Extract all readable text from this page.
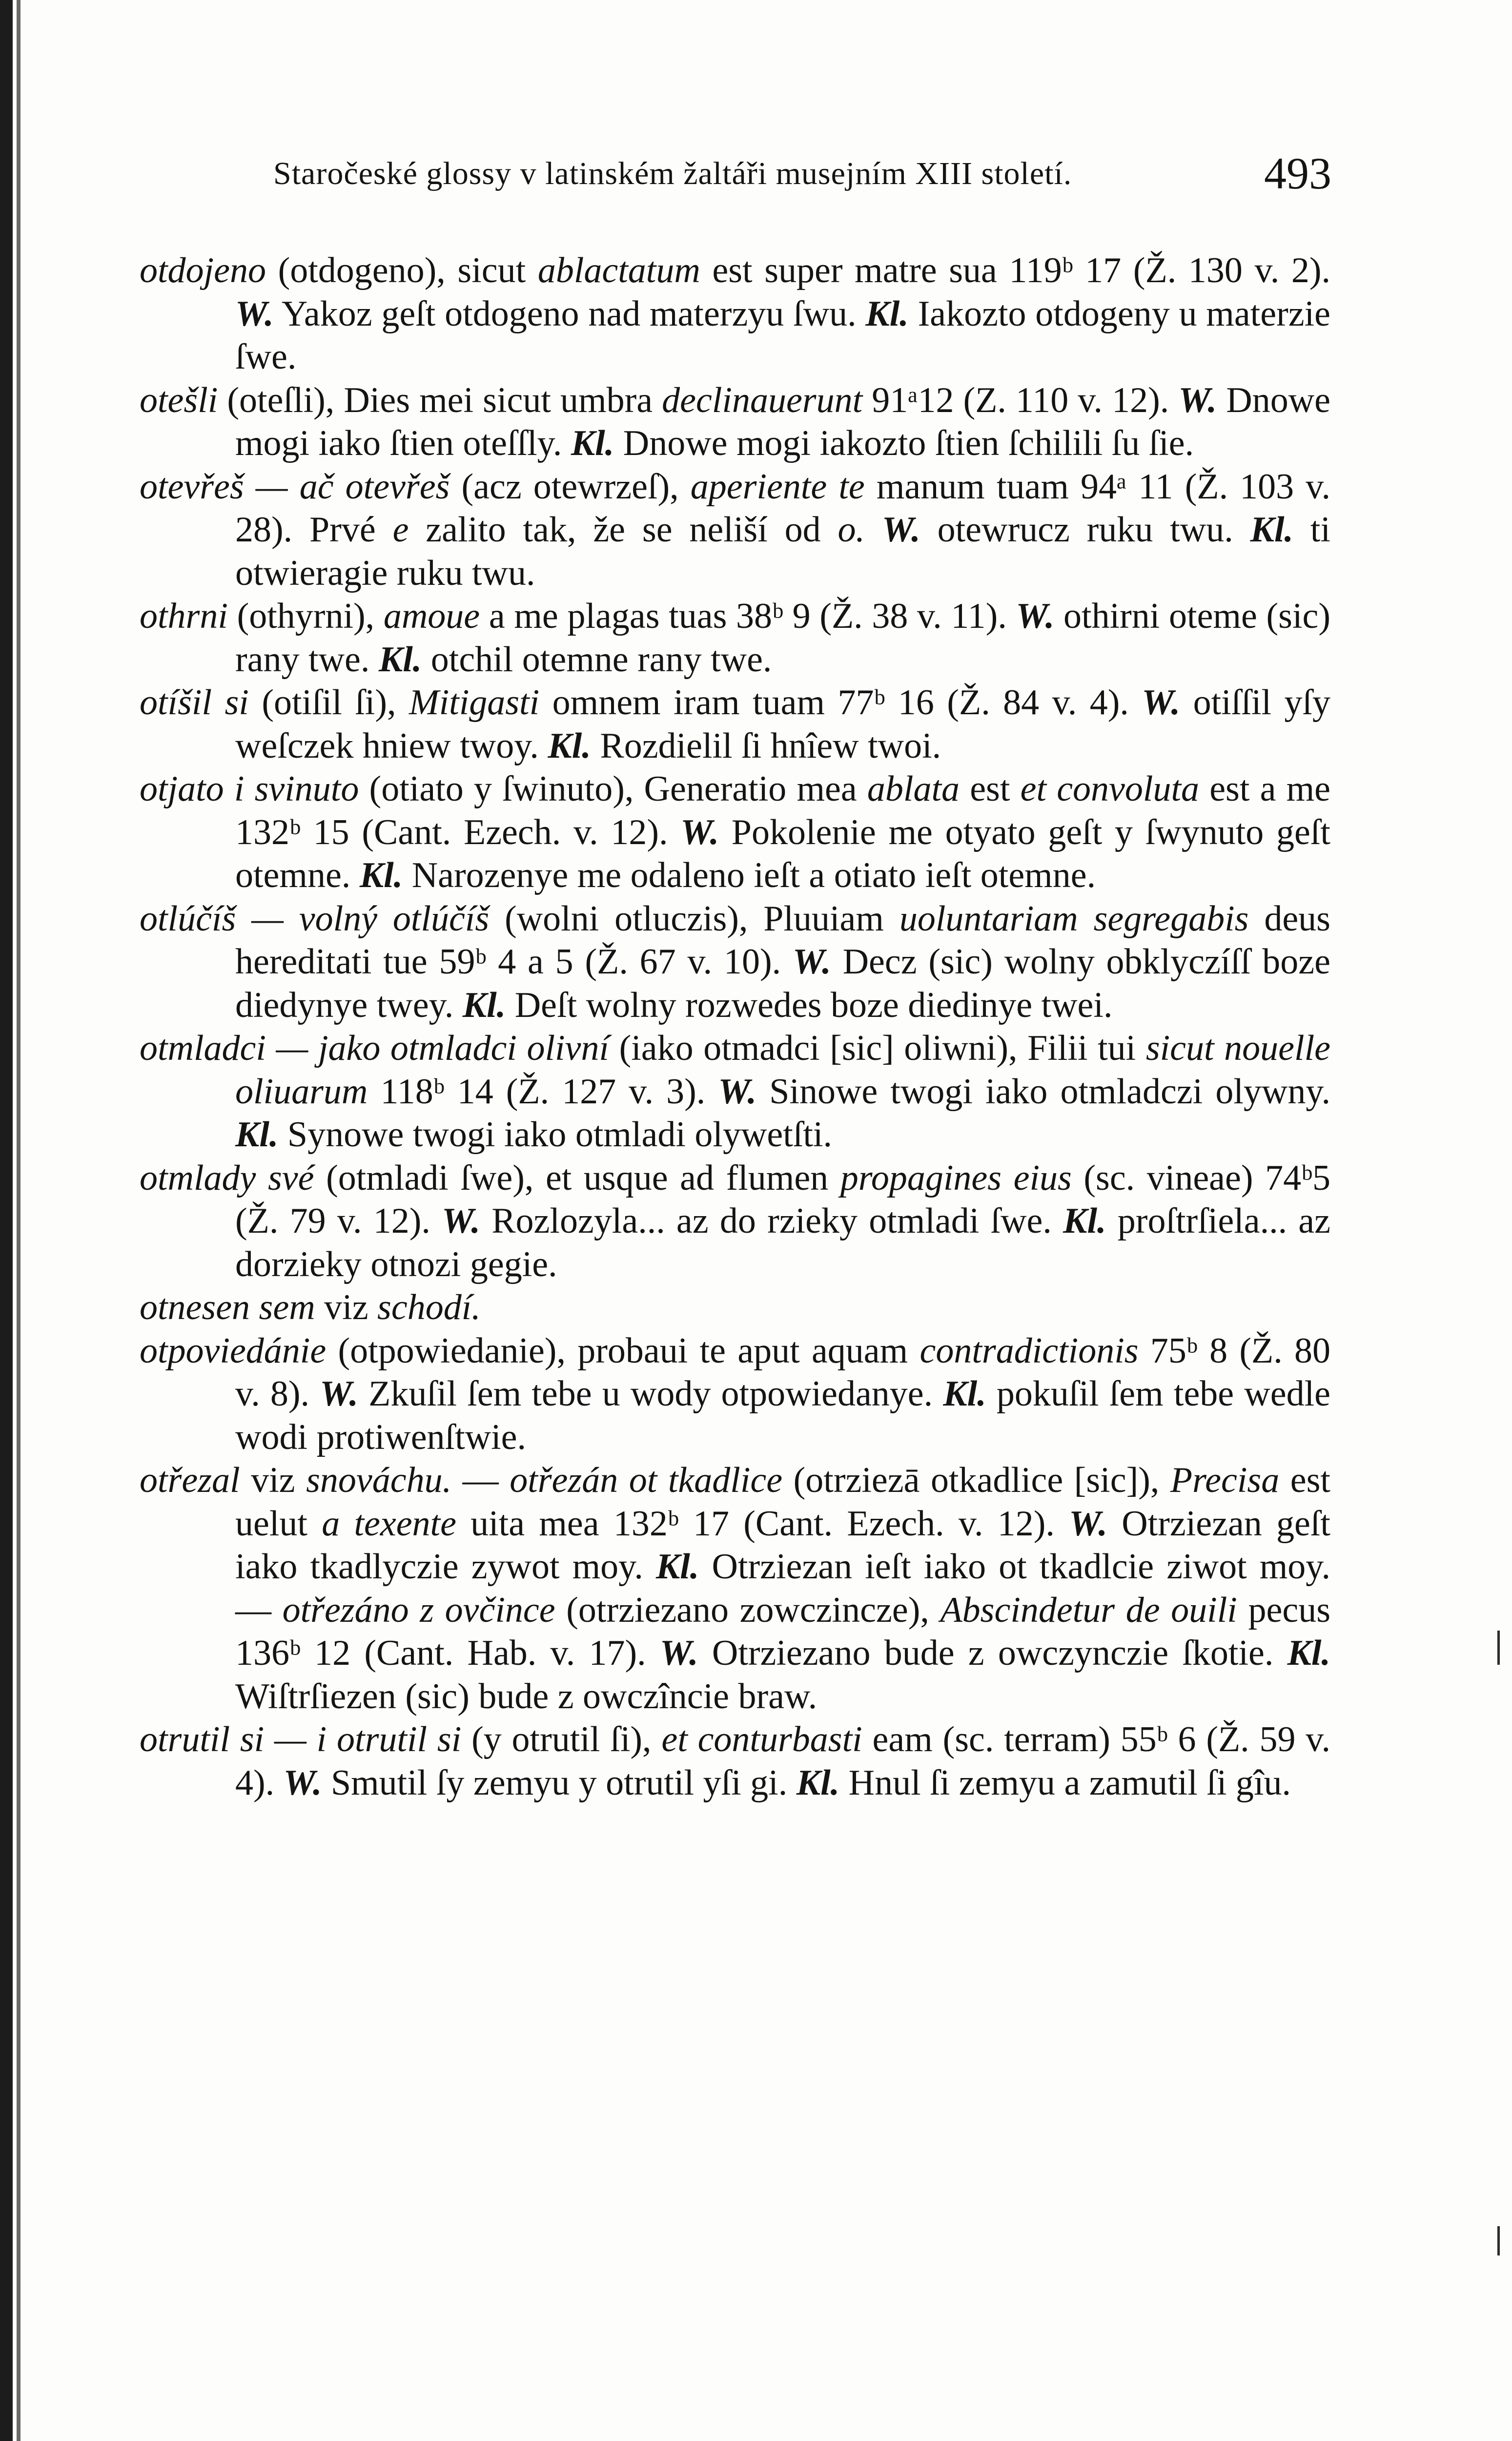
Staročeské glossy v latinském žaltáři musejním XIII století.	493

otdojeno (otdogeno), sicut ablactatum est super matre sua 119ᵇ 17 (Ž. 130 v. 2). W. Yakoz geſt otdogeno nad materzyu ſwu. Kl. Iakozto otdogeny u materzie ſwe.

otešli (oteſli), Dies mei sicut umbra declinauerunt 91ᵃ12 (Z. 110 v. 12). W. Dnowe mogi iako ſtien oteſſly. Kl. Dnowe mogi iakozto ſtien ſchilili ſu ſie.

otevřeš — ač otevřeš (acz otewrzeſ), aperiente te manum tuam 94ᵃ 11 (Ž. 103 v. 28). Prvé e zalito tak, že se neliší od o. W. otewrucz ruku twu. Kl. ti otwieragie ruku twu.

othrni (othyrni), amoue a me plagas tuas 38ᵇ 9 (Ž. 38 v. 11). W. othirni oteme (sic) rany twe. Kl. otchil otemne rany twe.

otíšil si (otiſil ſi), Mitigasti omnem iram tuam 77ᵇ 16 (Ž. 84 v. 4). W. otiſſil yſy weſczek hniew twoy. Kl. Rozdielil ſi hnîew twoi.

otjato i svinuto (otiato y ſwinuto), Generatio mea ablata est et convoluta est a me 132ᵇ 15 (Cant. Ezech. v. 12). W. Pokolenie me otyato geſt y ſwynuto geſt otemne. Kl. Narozenye me odaleno ieſt a otiato ieſt otemne.

otlúčíš — volný otlúčíš (wolni otluczis), Pluuiam uoluntariam segregabis deus hereditati tue 59ᵇ 4 a 5 (Ž. 67 v. 10). W. Decz (sic) wolny obklyczíſſ boze diedynye twey. Kl. Deſt wolny rozwedes boze diedinye twei.

otmladci — jako otmladci olivní (iako otmadci [sic] oliwni), Filii tui sicut nouelle oliuarum 118ᵇ 14 (Ž. 127 v. 3). W. Sinowe twogi iako otmladczi olywny. Kl. Synowe twogi iako otmladi olywetſti.

otmlady své (otmladi ſwe), et usque ad flumen propagines eius (sc. vineae) 74ᵇ5 (Ž. 79 v. 12). W. Rozlozyla... az do rzieky otmladi ſwe. Kl. proſtrſiela... az dorzieky otnozi gegie.

otnesen sem viz schodí.

otpoviedánie (otpowiedanie), probaui te aput aquam contradictionis 75ᵇ 8 (Ž. 80 v. 8). W. Zkuſil ſem tebe u wody otpowiedanye. Kl. pokuſil ſem tebe wedle wodi protiwenſtwie.

otřezal viz snováchu. — otřezán ot tkadlice (otrziezā otkadlice [sic]), Precisa est uelut a texente uita mea 132ᵇ 17 (Cant. Ezech. v. 12). W. Otrziezan geſt iako tkadlyczie zywot moy. Kl. Otrziezan ieſt iako ot tkadlcie ziwot moy. — otřezáno z ovčince (otrziezano zowczincze), Abscindetur de ouili pecus 136ᵇ 12 (Cant. Hab. v. 17). W. Otrziezano bude z owczynczie ſkotie. Kl. Wiſtrſiezen (sic) bude z owczîncie braw.

otrutil si — i otrutil si (y otrutil ſi), et conturbasti eam (sc. terram) 55ᵇ 6 (Ž. 59 v. 4). W. Smutil ſy zemyu y otrutil yſi gi. Kl. Hnul ſi zemyu a zamutil ſi gîu.
